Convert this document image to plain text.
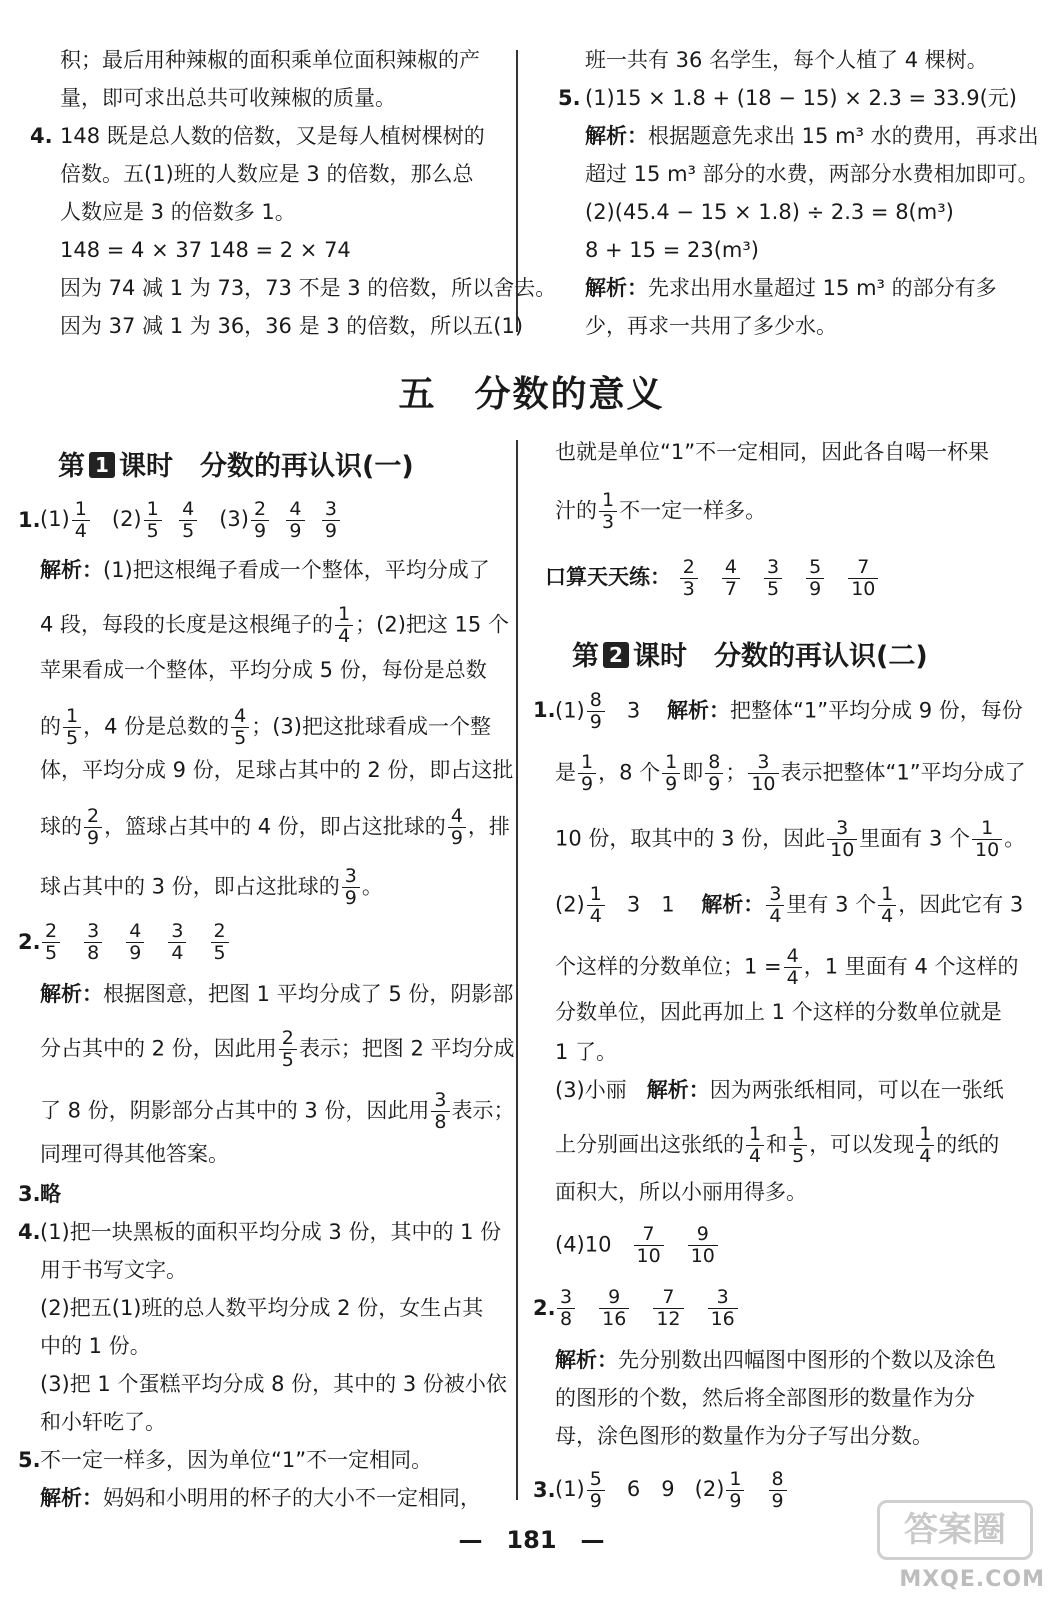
积；最后用种辣椒的面积乘单位面积辣椒的产
量，即可求出总共可收辣椒的质量。
4. 148 既是总人数的倍数，又是每人植树棵树的
倍数。五(1)班的人数应是 3 的倍数，那么总
人数应是 3 的倍数多 1。
148 = 4 × 37 148 = 2 × 74
因为 74 减 1 为 73，73 不是 3 的倍数，所以舍去。
因为 37 减 1 为 36，36 是 3 的倍数，所以五(1)
班一共有 36 名学生，每个人植了 4 棵树。
5. (1)15 × 1.8 + (18 − 15) × 2.3 = 33.9(元)
解析：根据题意先求出 15 m³ 水的费用，再求出
超过 15 m³ 部分的水费，两部分水费相加即可。
(2)(45.4 − 15 × 1.8) ÷ 2.3 = 8(m³)
8 + 15 = 23(m³)
解析：先求出用水量超过 15 m³ 的部分有多
少，再求一共用了多少水。
五　分数的意义
第 1 课时　分数的再认识(一)
1. $(1) \frac{1}{4} (2) \frac{1}{5}$
$\frac{4}{5} (3) \frac{2}{9}$
$\frac{4}{9}$
$\frac{3}{9}$
解析：(1)把这根绳子看成一个整体，平均分成了
4 段，每段的长度是这根绳子的 $\frac{1}{4}$ ；(2)把这 15 个
苹果看成一个整体，平均分成 5 份，每份是总数
的 $\frac{1}{5}$ ，4 份是总数的 $\frac{4}{5}$ ；(3)把这批球看成一个整
体，平均分成 9 份，足球占其中的 2 份，即占这批
球的 $\frac{2}{9}$ ，篮球占其中的 4 份，即占这批球的 $\frac{4}{9}$ ，排
球占其中的 3 份，即占这批球的 $\frac{3}{9}$ 。
2. $\frac{2}{5}$
$\frac{3}{8}$
$\frac{4}{9}$
$\frac{3}{4}$
$\frac{2}{5}$
解析：根据图意，把图 1 平均分成了 5 份，阴影部
分占其中的 2 份，因此用 $\frac{2}{5}$ 表示；把图 2 平均分成
了 8 份，阴影部分占其中的 3 份，因此用 $\frac{3}{8}$ 表示；
同理可得其他答案。
3. 略
4. (1)把一块黑板的面积平均分成 3 份，其中的 1 份
用于书写文字。
(2)把五(1)班的总人数平均分成 2 份，女生占其
中的 1 份。
(3)把 1 个蛋糕平均分成 8 份，其中的 3 份被小依
和小轩吃了。
5. 不一定一样多，因为单位“1”不一定相同。
解析：妈妈和小明用的杯子的大小不一定相同，
也就是单位“1”不一定相同，因此各自喝一杯果
汁的 $\frac{1}{3}$ 不一定一样多。
口算天天练： $\frac{2}{3}$
$\frac{4}{7}$
$\frac{3}{5}$
$\frac{5}{9}$
$\frac{7}{10}$
第 2 课时　分数的再认识(二)
1. $(1) \frac{8}{9} 3$ 解析：把整体“1”平均分成 9 份，每份
是 $\frac{1}{9}$ ，8 个 $\frac{1}{9}$ 即 $\frac{8}{9}$ ； $\frac{3}{10}$ 表示把整体“1”平均分成了
10 份，取其中的 3 份，因此 $\frac{3}{10}$ 里面有 3 个 $\frac{1}{10}$ 。
$(2) \frac{1}{4} 3$　1 解析： $\frac{3}{4}$ 里有 3 个 $\frac{1}{4}$ ，因此它有 3
个这样的分数单位；$1 = \frac{4}{4}$ ，1 里面有 4 个这样的
分数单位，因此再加上 1 个这样的分数单位就是
1 了。
(3)小丽 解析：因为两张纸相同，可以在一张纸
上分别画出这张纸的 $\frac{1}{4}$ 和 $\frac{1}{5}$ ，可以发现 $\frac{1}{4}$ 的纸的
面积大，所以小丽用得多。
$(4)10 \frac{7}{10}$
$\frac{9}{10}$
2. $\frac{3}{8}$
$\frac{9}{16}$
$\frac{7}{12}$
$\frac{3}{16}$
解析：先分别数出四幅图中图形的个数以及涂色
的图形的个数，然后将全部图形的数量作为分
母，涂色图形的数量作为分子写出分数。
3. $(1) \frac{5}{9} 6$　9 $(2) \frac{1}{9}$
$\frac{8}{9}$
—　181　—	答案圈
MXQE.COM
